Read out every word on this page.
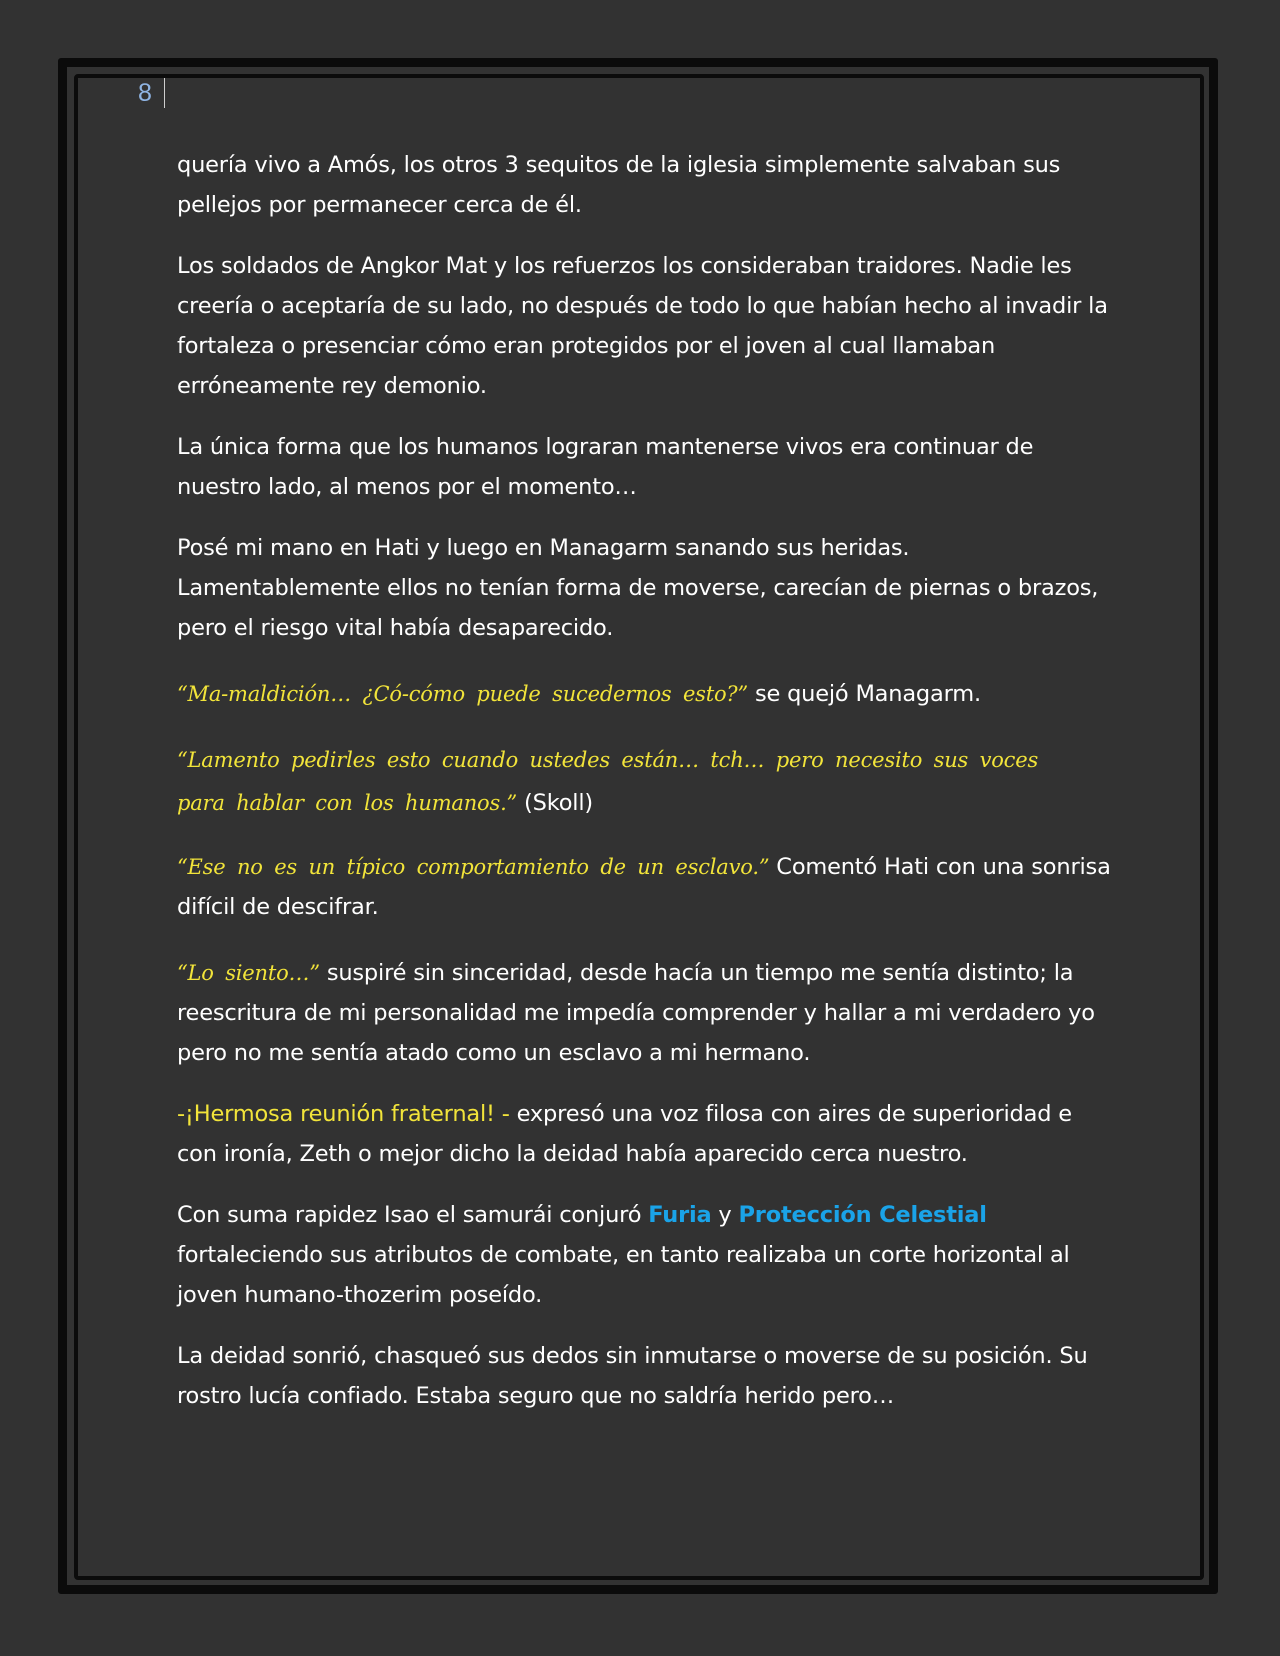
8

quería vivo a Amós, los otros 3 sequitos de la iglesia simplemente salvaban sus pellejos por permanecer cerca de él.

Los soldados de Angkor Mat y los refuerzos los consideraban traidores. Nadie les creería o aceptaría de su lado, no después de todo lo que habían hecho al invadir la fortaleza o presenciar cómo eran protegidos por el joven al cual llamaban erróneamente rey demonio.

La única forma que los humanos lograran mantenerse vivos era continuar de nuestro lado, al menos por el momento…

Posé mi mano en Hati y luego en Managarm sanando sus heridas. Lamentablemente ellos no tenían forma de moverse, carecían de piernas o brazos, pero el riesgo vital había desaparecido.

“Ma-maldición… ¿Có-cómo puede sucedernos esto?” se quejó Managarm.

“Lamento pedirles esto cuando ustedes están… tch… pero necesito sus voces

para hablar con los humanos.” (Skoll)

“Ese no es un típico comportamiento de un esclavo.” Comentó Hati con una sonrisa difícil de descifrar.

“Lo siento…” suspiré sin sinceridad, desde hacía un tiempo me sentía distinto; la reescritura de mi personalidad me impedía comprender y hallar a mi verdadero yo pero no me sentía atado como un esclavo a mi hermano.

-¡Hermosa reunión fraternal! - expresó una voz filosa con aires de superioridad e con ironía, Zeth o mejor dicho la deidad había aparecido cerca nuestro.

Con suma rapidez Isao el samurái conjuró Furia y Protección Celestial fortaleciendo sus atributos de combate, en tanto realizaba un corte horizontal al joven humano-thozerim poseído.

La deidad sonrió, chasqueó sus dedos sin inmutarse o moverse de su posición. Su rostro lucía confiado. Estaba seguro que no saldría herido pero…
